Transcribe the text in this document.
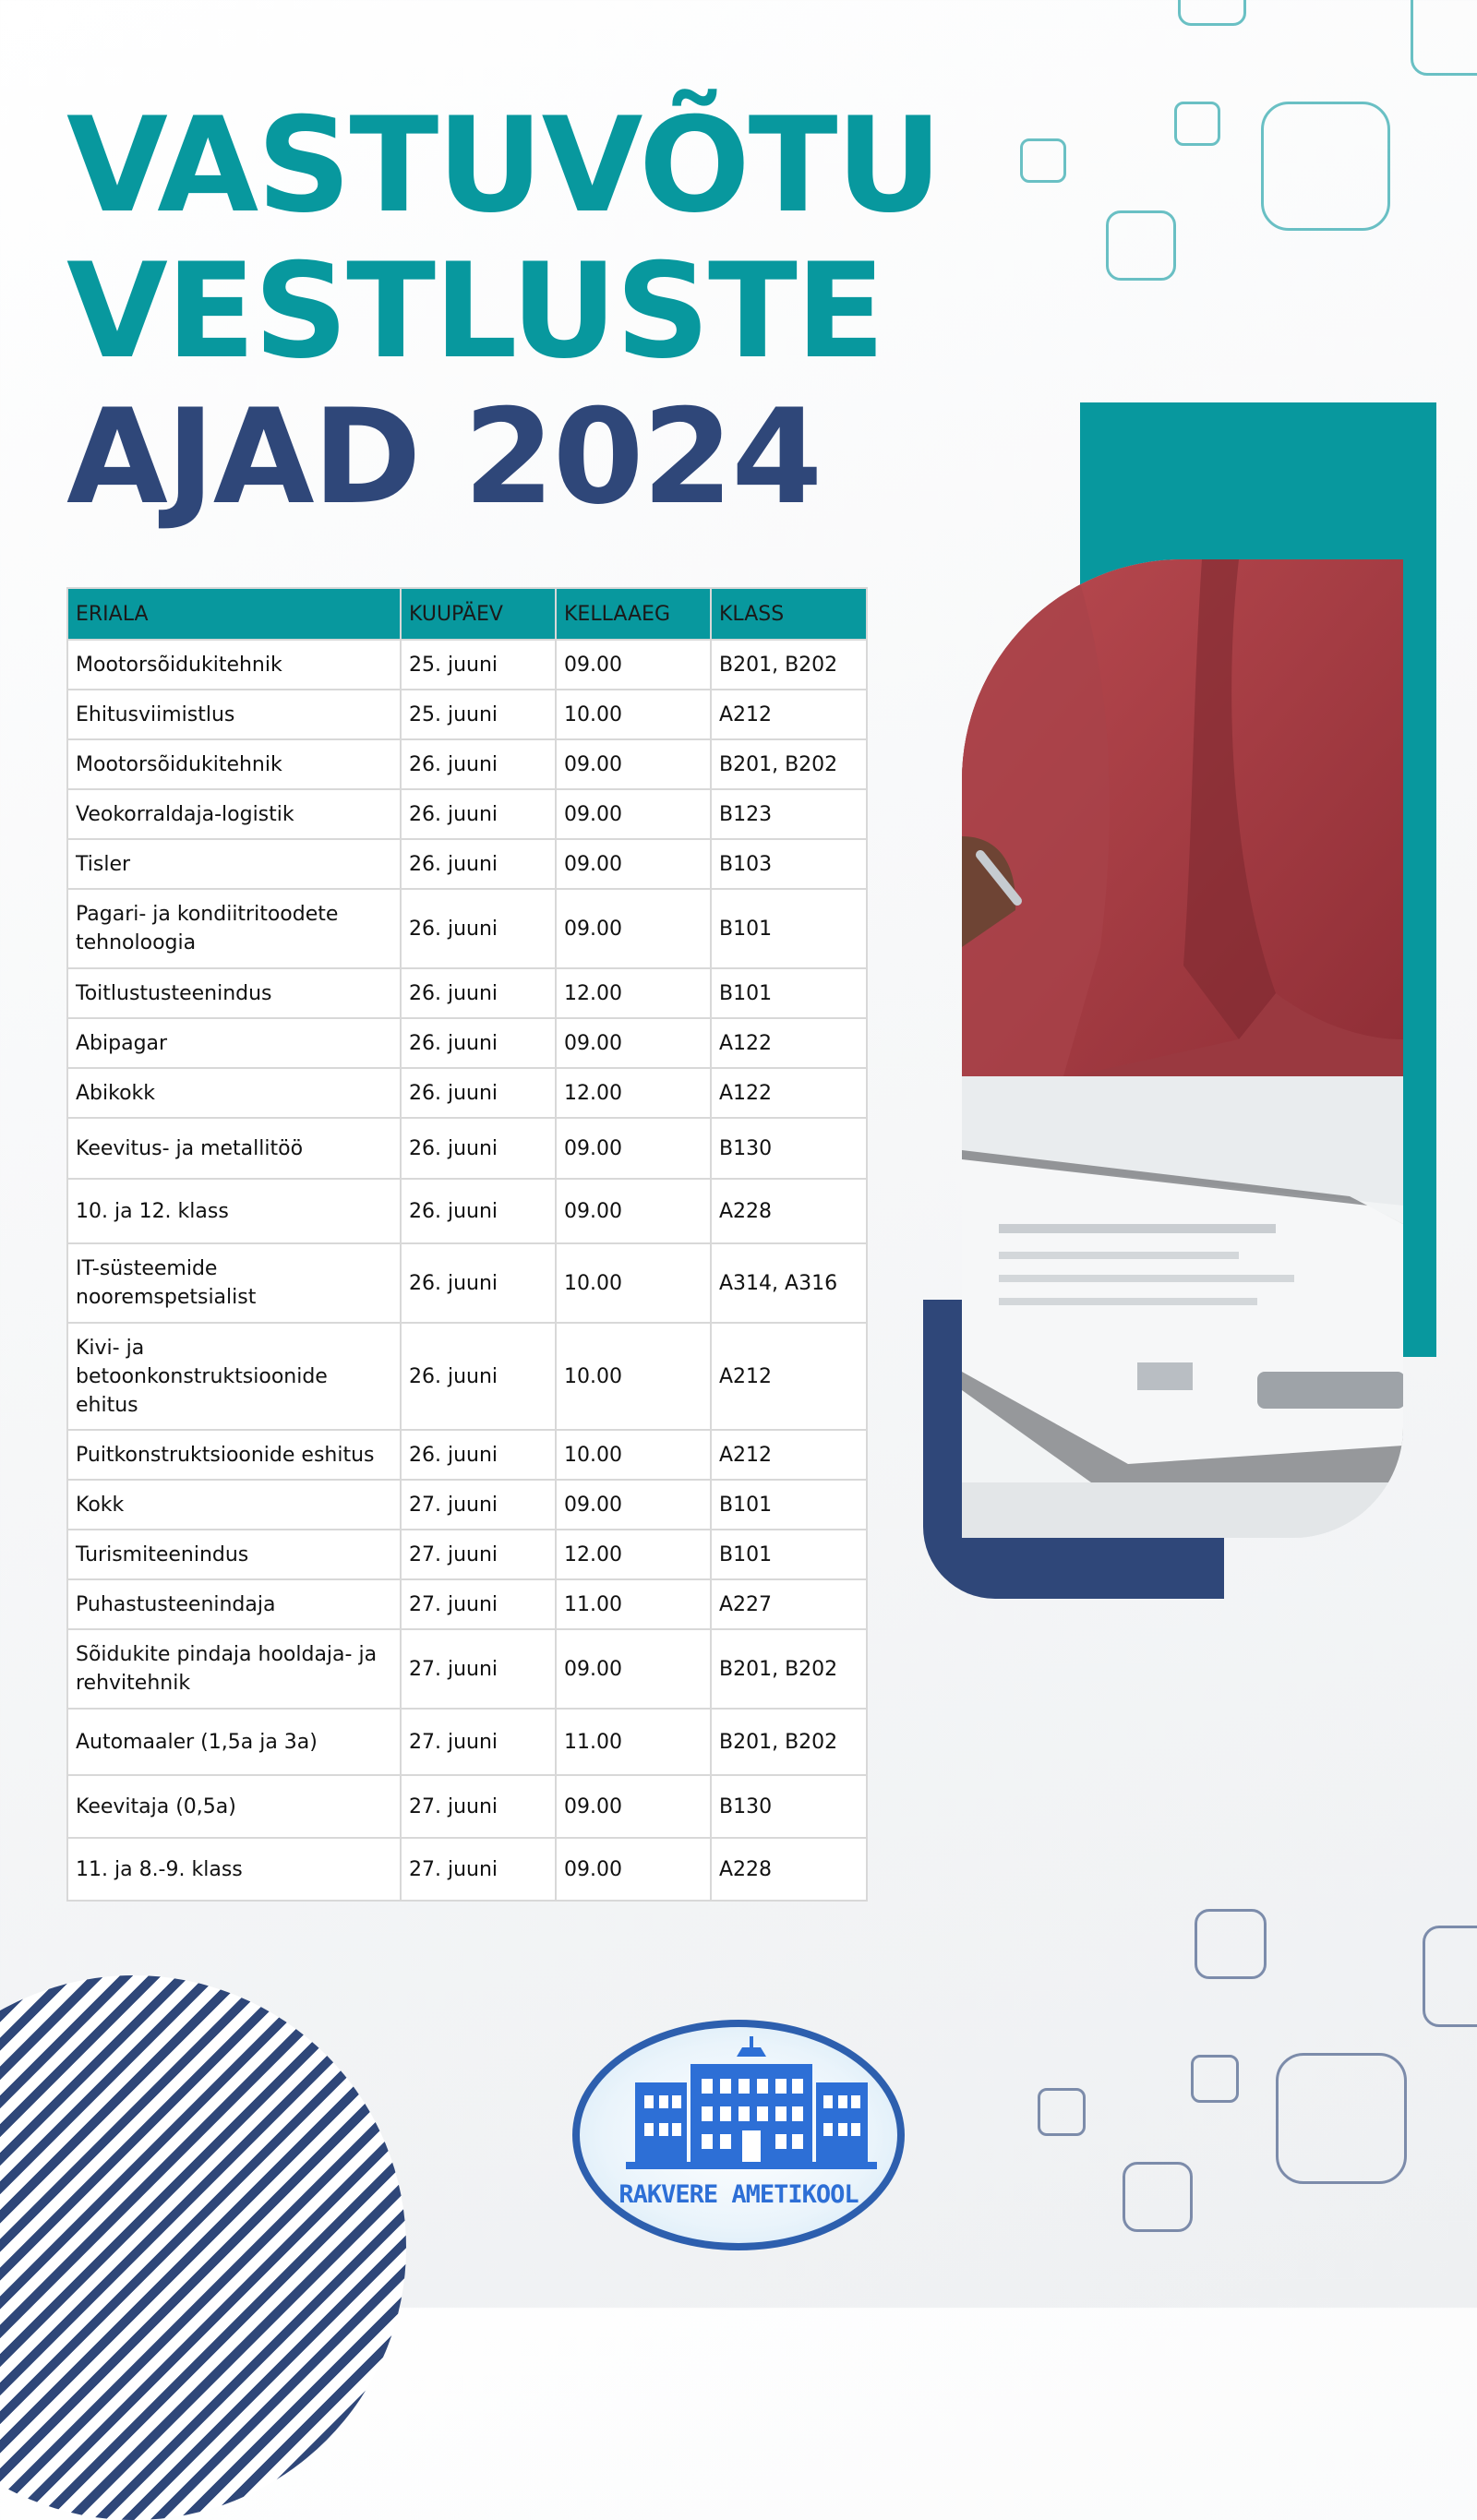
VASTUVÕTU
VESTLUSTE
AJAD 2024
ERIALA	KUUPÄEV	KELLAAEG	KLASS
Mootorsõidukitehnik	25. juuni	09.00	B201, B202
Ehitusviimistlus	25. juuni	10.00	A212
Mootorsõidukitehnik	26. juuni	09.00	B201, B202
Veokorraldaja-logistik	26. juuni	09.00	B123
Tisler	26. juuni	09.00	B103
Pagari- ja kondiitritoodete tehnoloogia	26. juuni	09.00	B101
Toitlustusteenindus	26. juuni	12.00	B101
Abipagar	26. juuni	09.00	A122
Abikokk	26. juuni	12.00	A122
Keevitus- ja metallitöö	26. juuni	09.00	B130
10. ja 12. klass	26. juuni	09.00	A228
IT-süsteemide nooremspetsialist	26. juuni	10.00	A314, A316
Kivi- ja betoonkonstruktsioonide ehitus	26. juuni	10.00	A212
Puitkonstruktsioonide eshitus	26. juuni	10.00	A212
Kokk	27. juuni	09.00	B101
Turismiteenindus	27. juuni	12.00	B101
Puhastusteenindaja	27. juuni	11.00	A227
Sõidukite pindaja hooldaja- ja rehvitehnik	27. juuni	09.00	B201, B202
Automaaler (1,5a ja 3a)	27. juuni	11.00	B201, B202
Keevitaja (0,5a)	27. juuni	09.00	B130
11. ja 8.-9. klass	27. juuni	09.00	A228

RAKVERE AMETIKOOL
